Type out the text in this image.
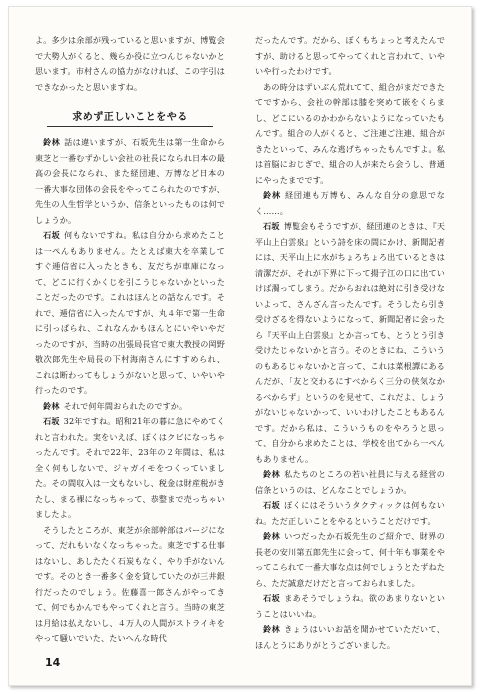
よ。多少は余部が残っていると思いますが、博覧会で大勢人がくると、幾らか役に立つんじゃないかと思います。市村さんの協力がなければ、この字引はできなかったと思いますね。

求めず正しいことをやる

鈴林 話は違いますが、石坂先生は第一生命から東芝と一番むずかしい会社の社長になられ日本の最高の会長になられ、また経団連、万博など日本の一番大事な団体の会長をやってこられたのですが、先生の人生哲学というか、信条といったものは何でしょうか。

石坂 何もないですね。私は自分から求めたことは一ぺんもありません。たとえば東大を卒業してすぐ逓信省に入ったときも、友だちが車庫になって、どこに行くかくじを引こうじゃないかといったことだったのです。これはほんとの話なんです。それで、逓信省に入ったんですが、丸４年で第一生命に引っぱられ、これなんかもほんとにいやいやだったのですが、当時の出張局長官で東大教授の岡野敬次郎先生や局長の下村海南さんにすすめられ、これは断わってもしょうがないと思って、いやいや行ったのです。

鈴林 それで何年間おられたのですか。

石坂 32年ですね。昭和21年の暮に急にやめてくれと言われた。実をいえば、ぼくはクビになっちゃったんです。それで22年、23年の２年間は、私は全く何もしないで、ジャガイモをつくっていました。その間収入は一文もないし、税金は財産税がきたし、まる裸になっちゃって、恭整まで売っちゃいましたよ。

そうしたところが、東芝が余部幹部はパージになって、だれもいなくなっちゃった。東芝でする仕事はないし、あしたたく石炭もなく、やり手がないんです。そのとき一番多く金を貸していたのが三井銀行だったのでしょう。佐藤喜一郎さんがやってきて、何でもかんでもやってくれと言う。当時の東芝は月給は払えないし、４万人の人間がストライキをやって騒いでいた、たいへんな時代

だったんです。だから、ぼくもちょっと考えたんですが、助けると思ってやってくれと言われて、いやいや行ったわけです。

あの時分はずいぶん荒れてて、組合がまだできたてですから、会社の幹部は膝を突めて嵌をくらまし、どこにいるのかわからないようになっていたもんです。組合の人がくると、ご注連ご注連、組合がきたといって、みんな逃げちゃったもんですよ。私は首脳におじぎで、組合の人が来たら会うし、普通にやったまでです。

鈴林 経団連も万博も、みんな自分の意思でなく……。

石坂 博覧会もそうですが、経団連のときは、『天平山上白雲泉』という詩を床の間にかけ、新聞記者には、天平山上に水がちょろちょろ出ているときは清潔だが、それが下界に下って揚子江の口に出ていけば濁ってしまう。だからおれは絶対に引き受けないよって、さんざん言ったんです。そうしたら引き受けざるを得ないようになって、新聞記者に会ったら『天平山上白雲泉』とか言っても、とうとう引き受けたじゃないかと言う。そのときにね、こういうのもあるじゃないかと言って、これは菜根譚にあるんだが、「友と交わるにすべからく三分の侠気なかるべからず」というのを見せて、これだよ、しょうがないじゃないかって、いいわけしたこともあるんです。だから私は、こういうものをやろうと思って、自分から求めたことは、学校を出てから一ぺんもありません。

鈴林 私たちのところの若い社員に与える経営の信条というのは、どんなことでしょうか。

石坂 ぼくにはそういうタクティックは何もないね。ただ正しいことをやるということだけです。

鈴林 いつだったか石坂先生のご紹介で、財界の長老の安川第五郎先生に会って、何十年も事業をやってこられて一番大事な点は何でしょうとたずねたら、ただ誠意だけだと言っておられました。

石坂 まあそうでしょうね。欲のあまりないということはいいね。

鈴林 きょうはいいお話を聞かせていただいて、ほんとうにありがとうございました。

14
